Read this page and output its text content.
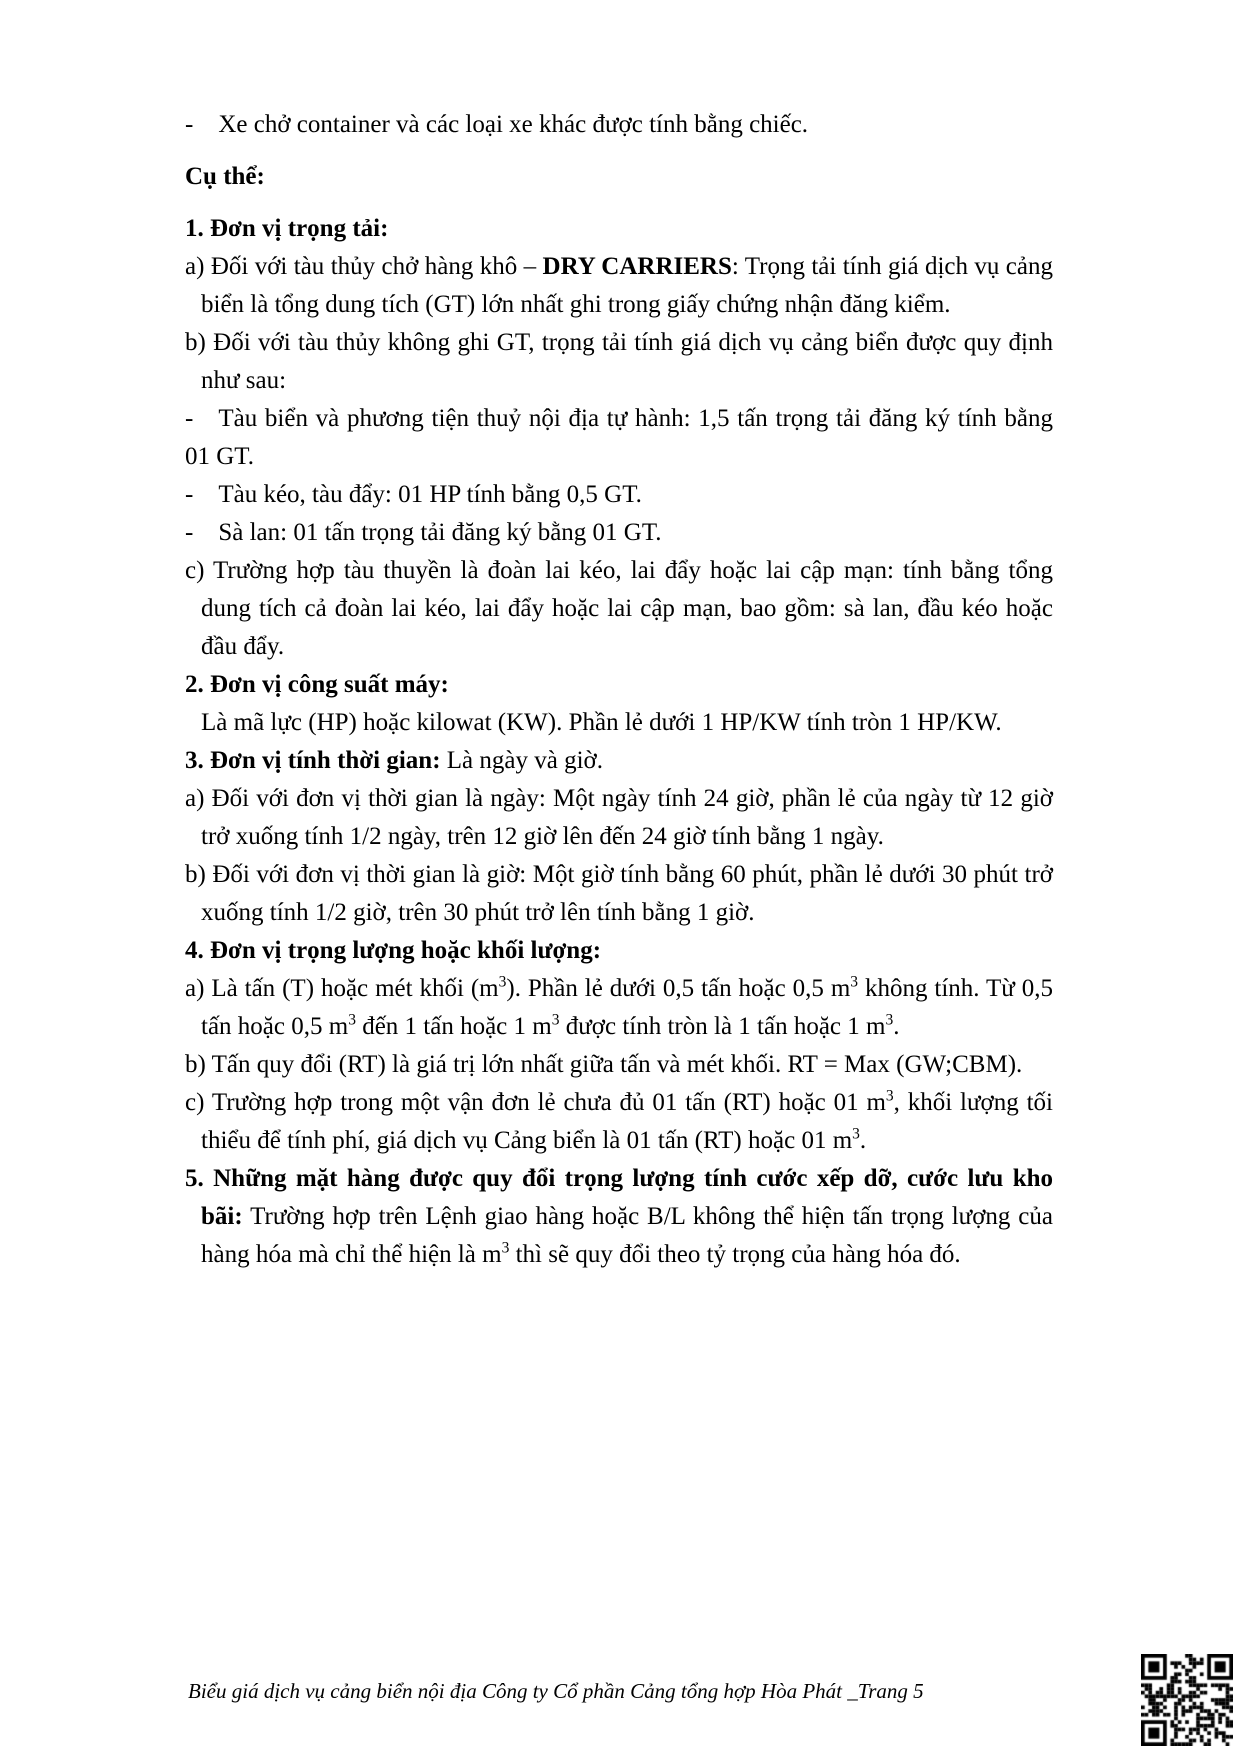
-  Xe chở container và các loại xe khác được tính bằng chiếc.

Cụ thể:

1. Đơn vị trọng tải:

a) Đối với tàu thủy chở hàng khô – DRY CARRIERS: Trọng tải tính giá dịch vụ cảng biển là tổng dung tích (GT) lớn nhất ghi trong giấy chứng nhận đăng kiểm.

b) Đối với tàu thủy không ghi GT, trọng tải tính giá dịch vụ cảng biển được quy định như sau:

-  Tàu biển và phương tiện thuỷ nội địa tự hành: 1,5 tấn trọng tải đăng ký tính bằng 01 GT.

-  Tàu kéo, tàu đẩy: 01 HP tính bằng 0,5 GT.

-  Sà lan: 01 tấn trọng tải đăng ký bằng 01 GT.

c) Trường hợp tàu thuyền là đoàn lai kéo, lai đẩy hoặc lai cập mạn: tính bằng tổng dung tích cả đoàn lai kéo, lai đẩy hoặc lai cập mạn, bao gồm: sà lan, đầu kéo hoặc đầu đẩy.

2. Đơn vị công suất máy:

Là mã lực (HP) hoặc kilowat (KW). Phần lẻ dưới 1 HP/KW tính tròn 1 HP/KW.

3. Đơn vị tính thời gian: Là ngày và giờ.

a) Đối với đơn vị thời gian là ngày: Một ngày tính 24 giờ, phần lẻ của ngày từ 12 giờ trở xuống tính 1/2 ngày, trên 12 giờ lên đến 24 giờ tính bằng 1 ngày.

b) Đối với đơn vị thời gian là giờ: Một giờ tính bằng 60 phút, phần lẻ dưới 30 phút trở xuống tính 1/2 giờ, trên 30 phút trở lên tính bằng 1 giờ.

4. Đơn vị trọng lượng hoặc khối lượng:

a) Là tấn (T) hoặc mét khối $(m^3)$. Phần lẻ dưới 0,5 tấn hoặc 0,5 $m^3$ không tính. Từ 0,5 tấn hoặc 0,5 $m^3$ đến 1 tấn hoặc 1 $m^3$ được tính tròn là 1 tấn hoặc 1 $m^3$.

b) Tấn quy đổi (RT) là giá trị lớn nhất giữa tấn và mét khối. RT = Max (GW;CBM).

c) Trường hợp trong một vận đơn lẻ chưa đủ 01 tấn (RT) hoặc 01 $m^3$, khối lượng tối thiểu để tính phí, giá dịch vụ Cảng biển là 01 tấn (RT) hoặc 01 $m^3$.

5. Những mặt hàng được quy đổi trọng lượng tính cước xếp dỡ, cước lưu kho bãi: Trường hợp trên Lệnh giao hàng hoặc B/L không thể hiện tấn trọng lượng của hàng hóa mà chỉ thể hiện là $m^3$ thì sẽ quy đổi theo tỷ trọng của hàng hóa đó.

Biểu giá dịch vụ cảng biển nội địa Công ty Cổ phần Cảng tổng hợp Hòa Phát _Trang 5
